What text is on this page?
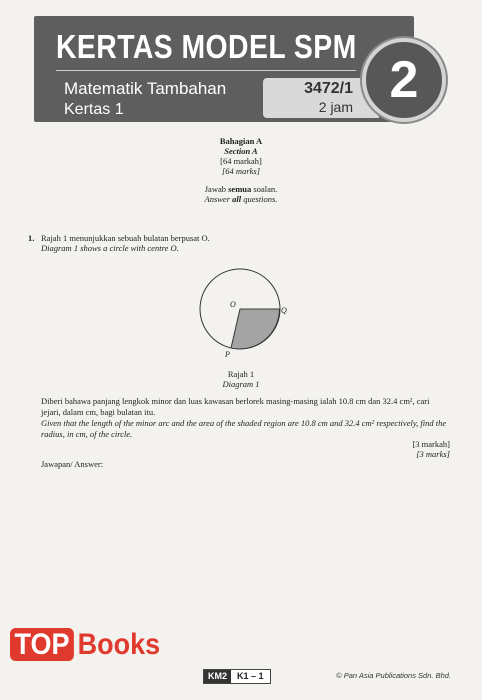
KERTAS MODEL SPM
Matematik Tambahan
Kertas 1
3472/1
2 jam 2
Bahagian A
Section A
[64 markah]
[64 marks]
Jawab semua soalan.
Answer all questions.
1. Rajah 1 menunjukkan sebuah bulatan berpusat O.
Diagram 1 shows a circle with centre O.
O
Q
P
Rajah 1
Diagram 1
Diberi bahawa panjang lengkok minor dan luas kawasan berlorek masing-masing ialah 10.8 cm dan 32.4 cm², cari jejari, dalam cm, bagi bulatan itu.
Given that the length of the minor arc and the area of the shaded region are 10.8 cm and 32.4 cm² respectively, find the radius, in cm, of the circle.
[3 markah]
[3 marks]
Jawapan/ Answer:
TOP Books
KM2	K1 – 1	© Pan Asia Publications Sdn. Bhd.
